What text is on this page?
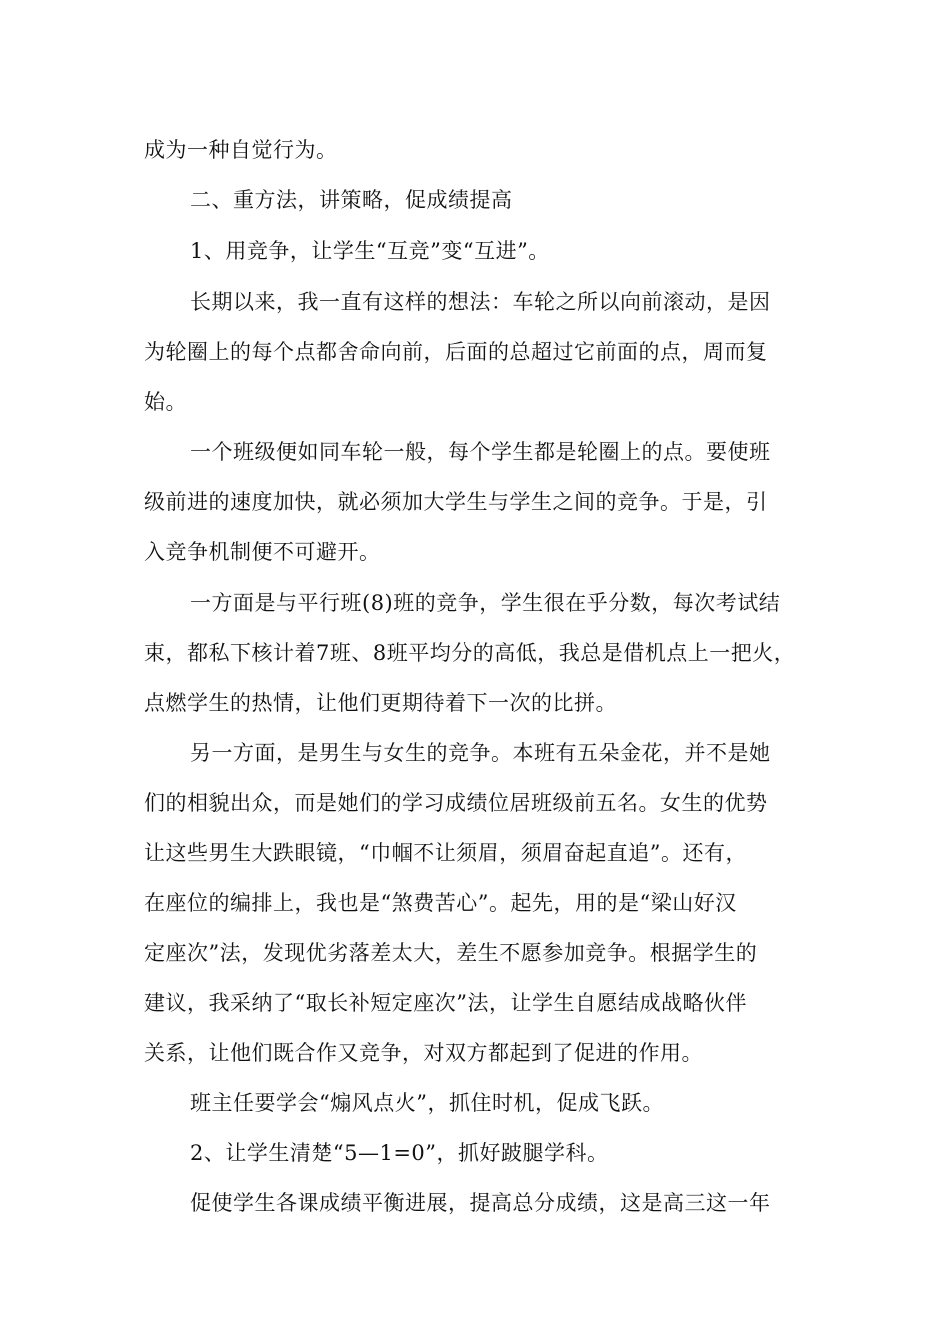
成为一种自觉行为。
二、重方法，讲策略，促成绩提高
1、用竞争，让学生“互竞”变“互进”。
长期以来，我一直有这样的想法：车轮之所以向前滚动，是因
为轮圈上的每个点都舍命向前，后面的总超过它前面的点，周而复
始。
一个班级便如同车轮一般，每个学生都是轮圈上的点。要使班
级前进的速度加快，就必须加大学生与学生之间的竞争。于是，引
入竞争机制便不可避开。
一方面是与平行班(8)班的竞争，学生很在乎分数，每次考试结
束，都私下核计着7班、8班平均分的高低，我总是借机点上一把火，
点燃学生的热情，让他们更期待着下一次的比拼。
另一方面，是男生与女生的竞争。本班有五朵金花，并不是她
们的相貌出众，而是她们的学习成绩位居班级前五名。女生的优势
让这些男生大跌眼镜，“巾帼不让须眉，须眉奋起直追”。还有，
在座位的编排上，我也是“煞费苦心”。起先，用的是“梁山好汉
定座次”法，发现优劣落差太大，差生不愿参加竞争。根据学生的
建议，我采纳了“取长补短定座次”法，让学生自愿结成战略伙伴
关系，让他们既合作又竞争，对双方都起到了促进的作用。
班主任要学会“煽风点火”，抓住时机，促成飞跃。
2、让学生清楚“5—1=0”，抓好跛腿学科。
促使学生各课成绩平衡进展，提高总分成绩，这是高三这一年
